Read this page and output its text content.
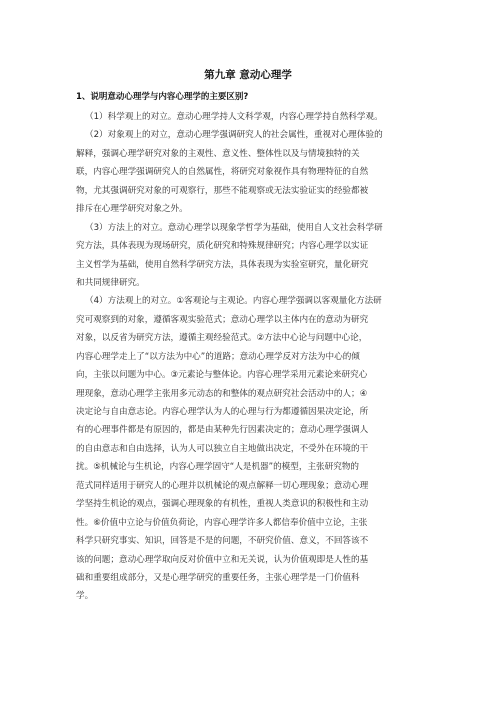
第九章 意动心理学
1、说明意动心理学与内容心理学的主要区别?
（1）科学观上的对立。意动心理学持人文科学观，内容心理学持自然科学观。
（2）对象观上的对立，意动心理学强调研究人的社会属性，重视对心理体验的
解释，强调心理学研究对象的主观性、意义性、整体性以及与情境独特的关
联，内容心理学强调研究人的自然属性，将研究对象视作具有物理特征的自然
物，尤其强调研究对象的可观察行，那些不能观察或无法实验证实的经验都被
排斥在心理学研究对象之外。
（3）方法上的对立。意动心理学以现象学哲学为基础，使用自人文社会科学研
究方法，具体表现为现场研究，质化研究和特殊规律研究；内容心理学以实证
主义哲学为基础，使用自然科学研究方法，具体表现为实验室研究，量化研究
和共同规律研究。
（4）方法观上的对立。①客观论与主观论。内容心理学强调以客观量化方法研
究可观察到的对象，遵循客观实验范式；意动心理学以主体内在的意动为研究
对象，以反省为研究方法，遵循主观经验范式。②方法中心论与问题中心论，
内容心理学走上了“以方法为中心”的道路；意动心理学反对方法为中心的倾
向，主张以问题为中心。③元素论与整体论。内容心理学采用元素论来研究心
理现象，意动心理学主张用多元动态的和整体的观点研究社会活动中的人；④
决定论与自由意志论。内容心理学认为人的心理与行为都遵循因果决定论，所
有的心理事件都是有原因的，都是由某种先行因素决定的；意动心理学强调人
的自由意志和自由选择，认为人可以独立自主地做出决定，不受外在环境的干
扰。⑤机械论与生机论，内容心理学固守“人是机器”的模型，主张研究物的
范式同样适用于研究人的心理并以机械论的观点解释一切心理现象；意动心理
学坚持生机论的观点，强调心理现象的有机性，重视人类意识的积极性和主动
性。⑥价值中立论与价值负荷论，内容心理学许多人都信奉价值中立论，主张
科学只研究事实、知识，回答是不是的问题，不研究价值、意义，不回答该不
该的问题；意动心理学取向反对价值中立和无关说，认为价值观即是人性的基
础和重要组成部分，又是心理学研究的重要任务，主张心理学是一门价值科
学。
